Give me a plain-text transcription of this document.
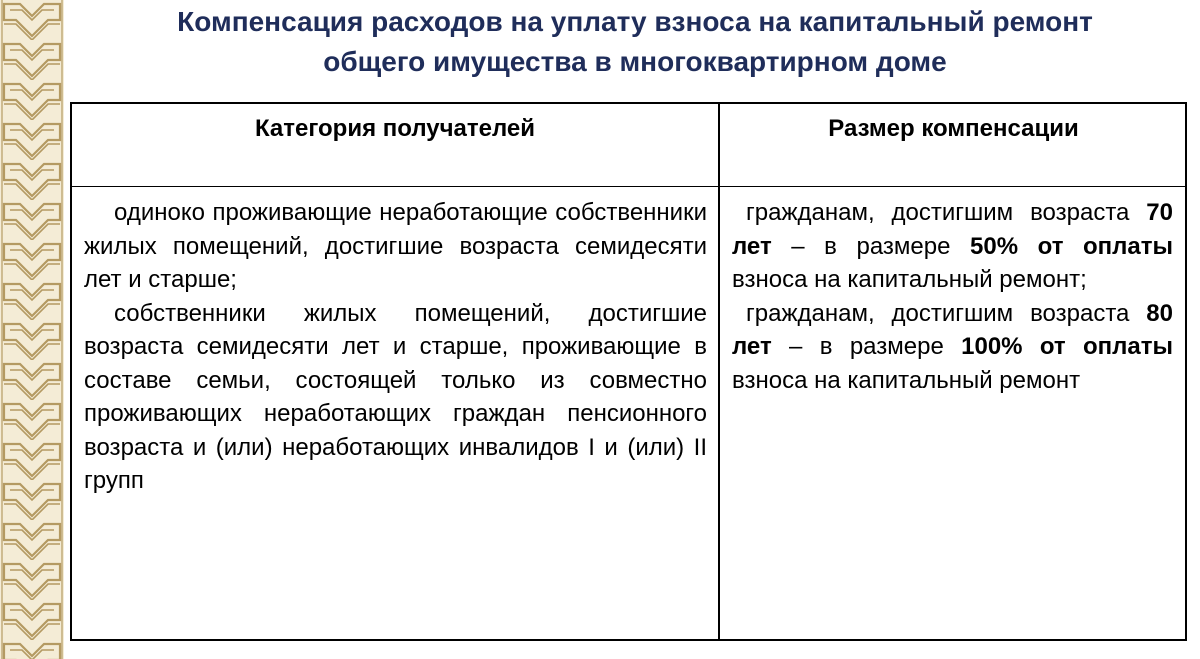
Компенсация расходов на уплату взноса на капитальный ремонт
общего имущества в многоквартирном доме
Категория получателей	Размер компенсации

одиноко проживающие неработающие собственники жилых помещений, достигшие возраста семидесяти лет и старше;

собственники жилых помещений, достигшие возраста семидесяти лет и старше, проживающие в составе семьи, состоящей только из совместно проживающих неработающих граждан пенсионного возраста и (или) неработающих инвалидов I и (или) II групп

гражданам, достигшим возраста 70 лет – в размере 50% от оплаты взноса на капитальный ремонт;

гражданам, достигшим возраста 80 лет – в размере 100% от оплаты взноса на капитальный ремонт
